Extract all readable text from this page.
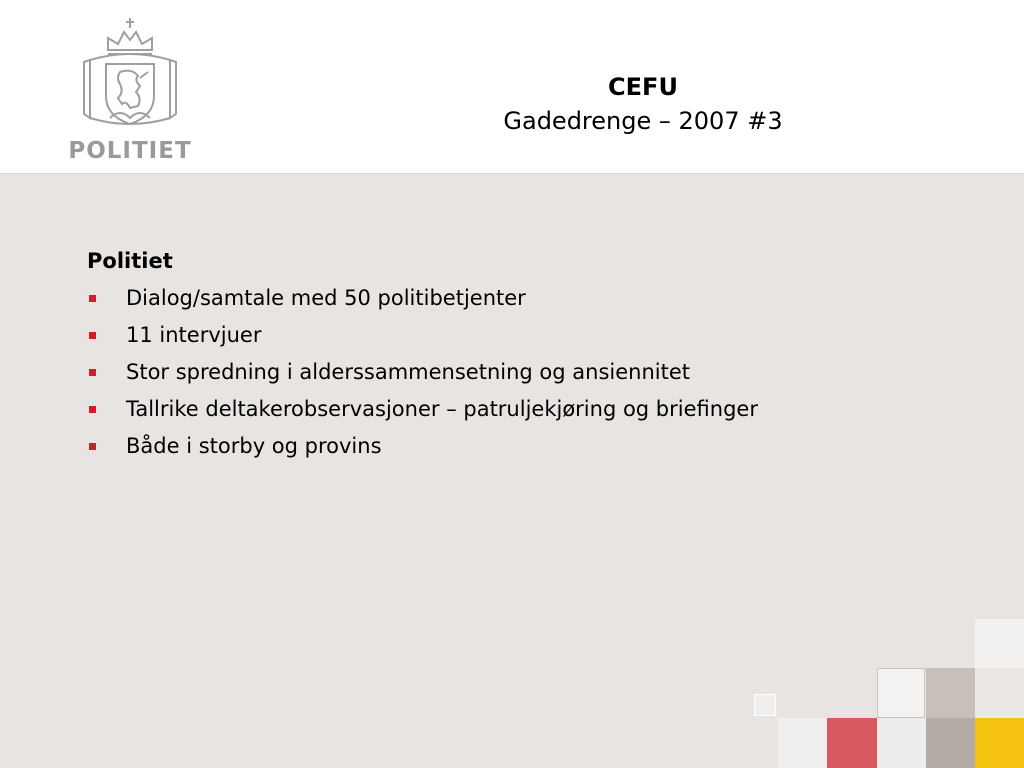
POLITIET
CEFU
Gadedrenge – 2007 #3
Politiet
Dialog/samtale med 50 politibetjenter
11 intervjuer
Stor spredning i alderssammensetning og ansiennitet
Tallrike deltakerobservasjoner – patruljekjøring og briefinger
Både i storby og provins
